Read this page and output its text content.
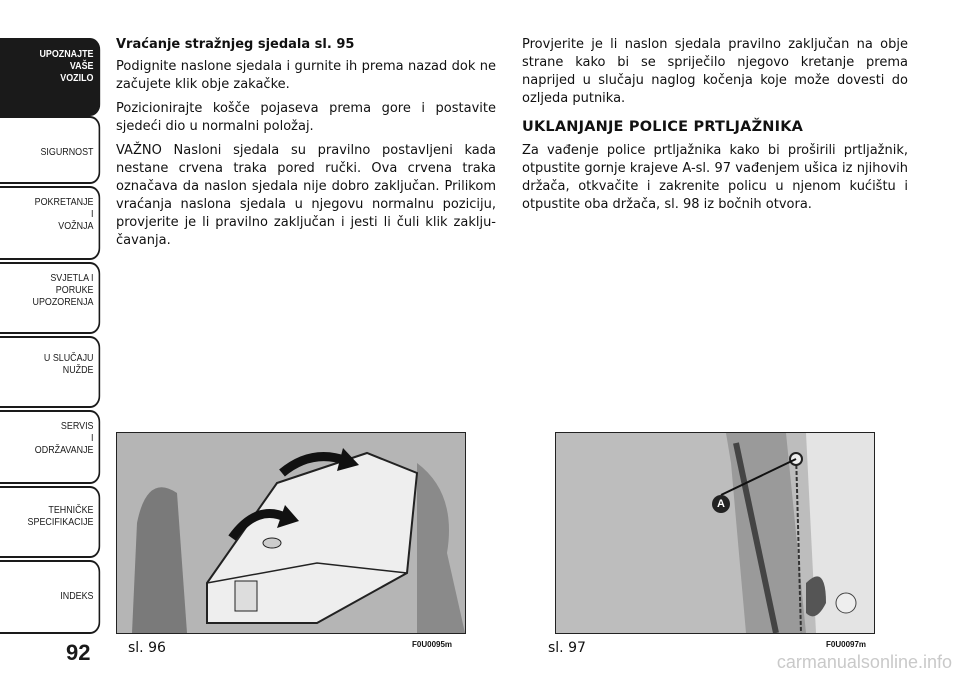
UPOZNAJTE
VAŠE
VOZILO
SIGURNOST
POKRETANJE
I
VOŽNJA
SVJETLA I
PORUKE
UPOZORENJA
U SLUČAJU
NUŽDE
SERVIS
I
ODRŽAVANJE
TEHNIČKE
SPECIFIKACIJE
INDEKS
92
Vraćanje stražnjeg sjedala sl. 95

Podignite naslone sjedala i gurnite ih prema nazad dok ne začujete klik obje zakačke.

Pozicionirajte košče pojaseva prema gore i postavite sjedeći dio u normalni položaj.

VAŽNO Nasloni sjedala su pravilno postavljeni kada nestane crvena traka pored ručki. Ova crvena traka označava da naslon sjedala nije dobro zaključan. Prilikom vraćanja naslona sjedala u njegovu normalnu poziciju, provjerite je li pravilno zaključan i jesti li čuli klik zaklju-čavanja.

Provjerite je li naslon sjedala pravilno zaključan na obje strane kako bi se spriječilo njegovo kretanje prema naprijed u slučaju naglog kočenja koje može dovesti do ozljeda putnika.

UKLANJANJE POLICE PRTLJAŽNIKA

Za vađenje police prtljažnika kako bi proširili prtljažnik, otpustite gornje krajeve A-sl. 97 vađenjem ušica iz njihovih držača, otkvačite i zakrenite policu u njenom kućištu i otpustite oba držača, sl. 98 iz bočnih otvora.

sl. 96	F0U0095m
A
sl. 97	F0U0097m
carmanualsonline.info
